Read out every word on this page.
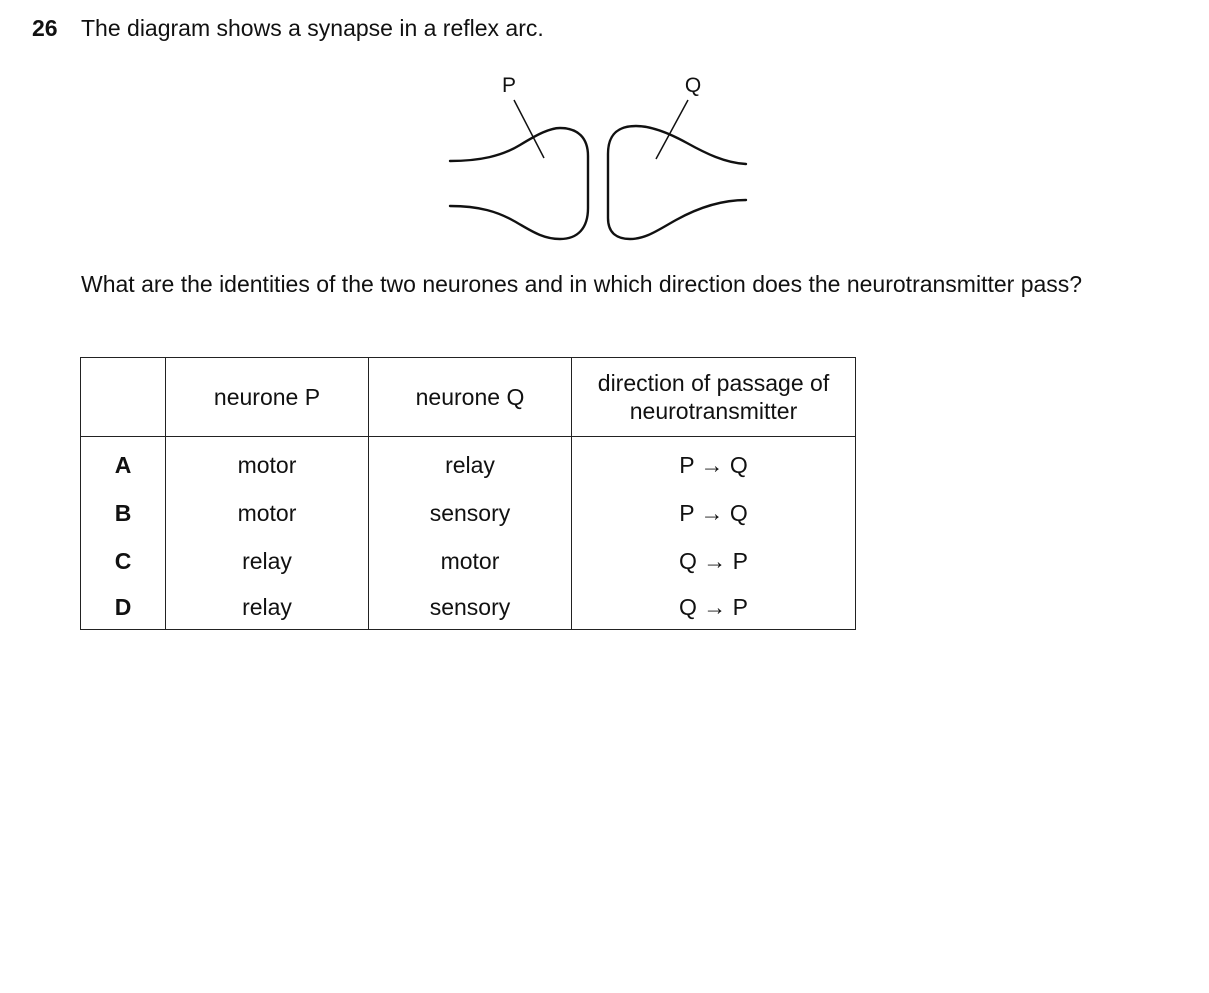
26 The diagram shows a synapse in a reflex arc.
P	Q
What are the identities of the two neurones and in which direction does the neurotransmitter pass?
	neurone P	neurone Q	direction of passage of neurotransmitter
A	motor	relay	P → Q
B	motor	sensory	P → Q
C	relay	motor	Q → P
D	relay	sensory	Q → P
